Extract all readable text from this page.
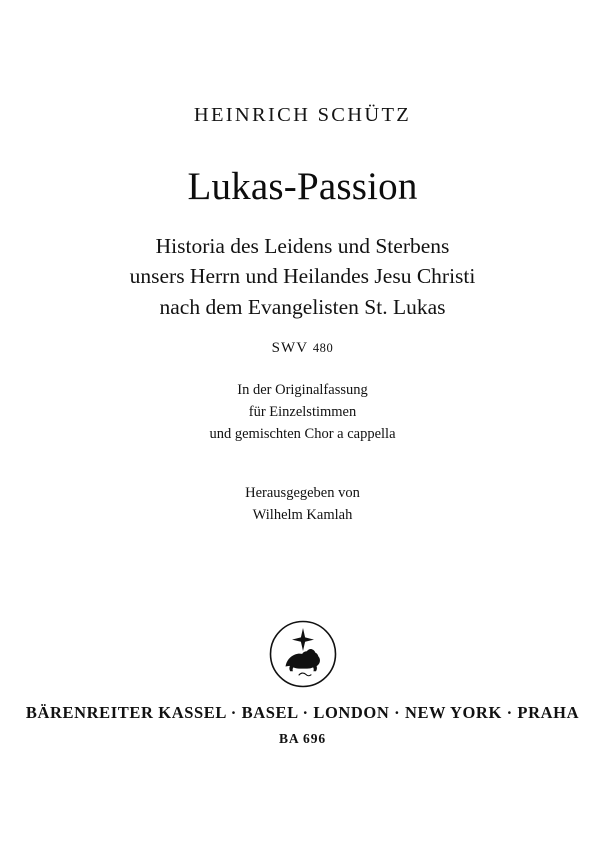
HEINRICH SCHÜTZ
Lukas-Passion
Historia des Leidens und Sterbens
unsers Herrn und Heilandes Jesu Christi
nach dem Evangelisten St. Lukas
SWV 480
In der Originalfassung
für Einzelstimmen
und gemischten Chor a cappella
Herausgegeben von
Wilhelm Kamlah
BÄRENREITER KASSEL · BASEL · LONDON · NEW YORK · PRAHA
BA 696
